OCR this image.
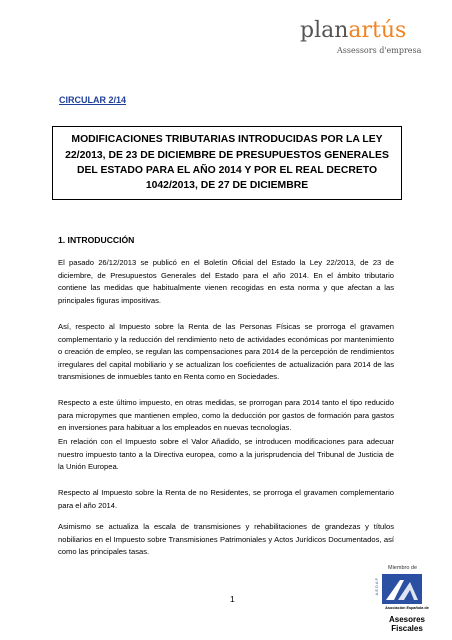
planartús
Assessors d'empresa
CIRCULAR 2/14
MODIFICACIONES TRIBUTARIAS INTRODUCIDAS POR LA LEY
22/2013, DE 23 DE DICIEMBRE DE PRESUPUESTOS GENERALES
DEL ESTADO PARA EL AÑO 2014 Y POR EL REAL DECRETO
1042/2013, DE 27 DE DICIEMBRE
1. INTRODUCCIÓN

El pasado 26/12/2013 se publicó en el Boletín Oficial del Estado la Ley 22/2013, de 23 de diciembre, de Presupuestos Generales del Estado para el año 2014. En el ámbito tributario contiene las medidas que habitualmente vienen recogidas en esta norma y que afectan a las principales figuras impositivas.

Así, respecto al Impuesto sobre la Renta de las Personas Físicas se prorroga el gravamen complementario y la reducción del rendimiento neto de actividades económicas por mantenimiento o creación de empleo, se regulan las compensaciones para 2014 de la percepción de rendimientos irregulares del capital mobiliario y se actualizan los coeficientes de actualización para 2014 de las transmisiones de inmuebles tanto en Renta como en Sociedades.

Respecto a este último impuesto, en otras medidas, se prorrogan para 2014 tanto el tipo reducido para micropymes que mantienen empleo, como la deducción por gastos de formación para gastos en inversiones para habituar a los empleados en nuevas tecnologías.

En relación con el Impuesto sobre el Valor Añadido, se introducen modificaciones para adecuar nuestro impuesto tanto a la Directiva europea, como a la jurisprudencia del Tribunal de Justicia de la Unión Europea.

Respecto al Impuesto sobre la Renta de no Residentes, se prorroga el gravamen complementario para el año 2014.

Asimismo se actualiza la escala de transmisiones y rehabilitaciones de grandezas y títulos nobiliarios en el Impuesto sobre Transmisiones Patrimoniales y Actos Jurídicos Documentados, así como las principales tasas.

1
Miembro de
AEDAF
Asociación Española de
Asesores
Fiscales
